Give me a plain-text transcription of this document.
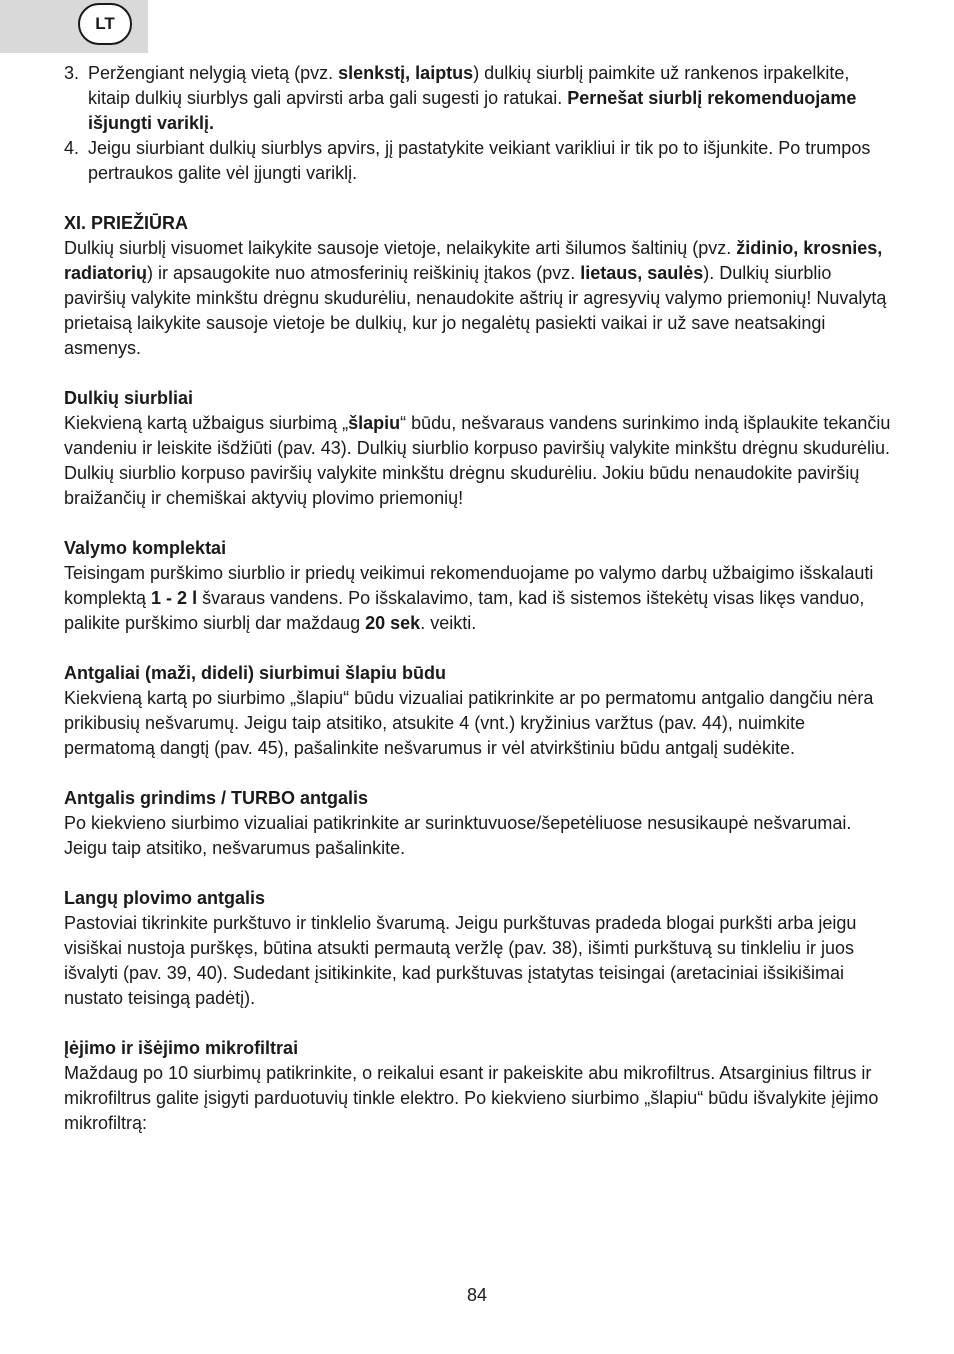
LT
3. Peržengiant nelygią vietą (pvz. slenkstį, laiptus) dulkių siurblį paimkite už rankenos irpakelkite, kitaip dulkių siurblys gali apvirsti arba gali sugesti jo ratukai. Pernešat siurblį rekomenduojame išjungti variklį.

4. Jeigu siurbiant dulkių siurblys apvirs, jį pastatykite veikiant varikliui ir tik po to išjunkite. Po trumpos pertraukos galite vėl įjungti variklį.

XI. PRIEŽIŪRA

Dulkių siurblį visuomet laikykite sausoje vietoje, nelaikykite arti šilumos šaltinių (pvz. židinio, krosnies, radiatorių) ir apsaugokite nuo atmosferinių reiškinių įtakos (pvz. lietaus, saulės). Dulkių siurblio paviršių valykite minkštu drėgnu skudurėliu, nenaudokite aštrių ir agresyvių valymo priemonių! Nuvalytą prietaisą laikykite sausoje vietoje be dulkių, kur jo negalėtų pasiekti vaikai ir už save neatsakingi asmenys.

Dulkių siurbliai

Kiekvieną kartą užbaigus siurbimą „šlapiu“ būdu, nešvaraus vandens surinkimo indą išplaukite tekančiu vandeniu ir leiskite išdžiūti (pav. 43). Dulkių siurblio korpuso paviršių valykite minkštu drėgnu skudurėliu. Dulkių siurblio korpuso paviršių valykite minkštu drėgnu skudurėliu. Jokiu būdu nenaudokite paviršių braižančių ir chemiškai aktyvių plovimo priemonių!

Valymo komplektai

Teisingam purškimo siurblio ir priedų veikimui rekomenduojame po valymo darbų užbaigimo išskalauti komplektą 1 - 2 l švaraus vandens. Po išskalavimo, tam, kad iš sistemos ištekėtų visas likęs vanduo, palikite purškimo siurblį dar maždaug 20 sek. veikti.

Antgaliai (maži, dideli) siurbimui šlapiu būdu

Kiekvieną kartą po siurbimo „šlapiu“ būdu vizualiai patikrinkite ar po permatomu antgalio dangčiu nėra prikibusių nešvarumų. Jeigu taip atsitiko, atsukite 4 (vnt.) kryžinius varžtus (pav. 44), nuimkite permatomą dangtį (pav. 45), pašalinkite nešvarumus ir vėl atvirkštiniu būdu antgalį sudėkite.

Antgalis grindims / TURBO antgalis

Po kiekvieno siurbimo vizualiai patikrinkite ar surinktuvuose/šepetėliuose nesusikaupė nešvarumai. Jeigu taip atsitiko, nešvarumus pašalinkite.

Langų plovimo antgalis

Pastoviai tikrinkite purkštuvo ir tinklelio švarumą. Jeigu purkštuvas pradeda blogai purkšti arba jeigu visiškai nustoja purškęs, būtina atsukti permautą veržlę (pav. 38), išimti purkštuvą su tinkleliu ir juos išvalyti (pav. 39, 40). Sudedant įsitikinkite, kad purkštuvas įstatytas teisingai (aretaciniai išsikišimai nustato teisingą padėtį).

Įėjimo ir išėjimo mikrofiltrai

Maždaug po 10 siurbimų patikrinkite, o reikalui esant ir pakeiskite abu mikrofiltrus. Atsarginius filtrus ir mikrofiltrus galite įsigyti parduotuvių tinkle elektro. Po kiekvieno siurbimo „šlapiu“ būdu išvalykite įėjimo mikrofiltrą:

84
